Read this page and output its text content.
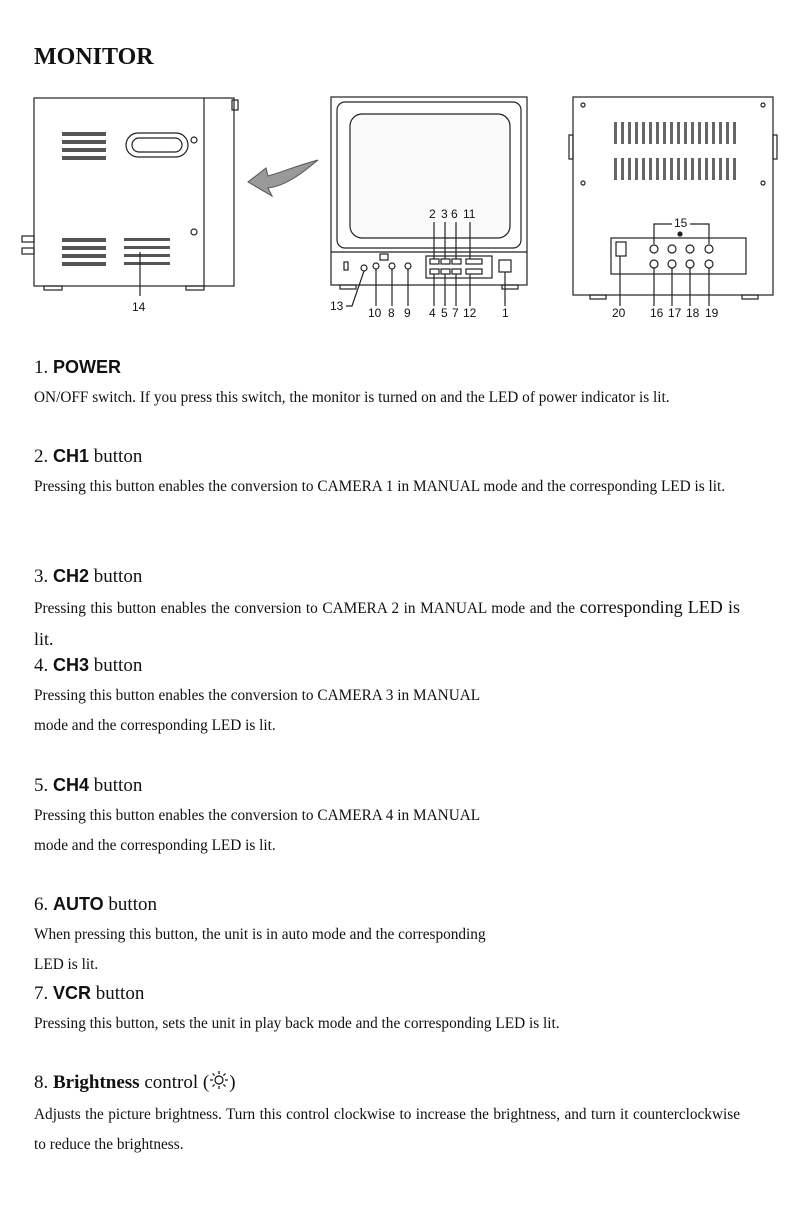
MONITOR
14
2 3 6 11
13 10 8 9 4 5 7 12 1
15
20 16 17 18 19

1. POWER

ON/OFF switch. If you press this switch, the monitor is turned on and the LED of power indicator is lit.

2. CH1 button

Pressing this button enables the conversion to CAMERA 1 in MANUAL mode and the corresponding LED is lit.

3. CH2 button

Pressing this button enables the conversion to CAMERA 2 in MANUAL mode and the corresponding LED is lit.

4. CH3 button

Pressing this button enables the conversion to CAMERA 3 in MANUAL

mode and the corresponding LED is lit.

5. CH4 button

Pressing this button enables the conversion to CAMERA 4 in MANUAL

mode and the corresponding LED is lit.

6. AUTO button

When pressing this button, the unit is in auto mode and the corresponding

LED is lit.

7. VCR button

Pressing this button, sets the unit in play back mode and the corresponding LED is lit.

8. Brightness control ( )

Adjusts the picture brightness. Turn this control clockwise to increase the brightness, and turn it counterclockwise to reduce the brightness.
